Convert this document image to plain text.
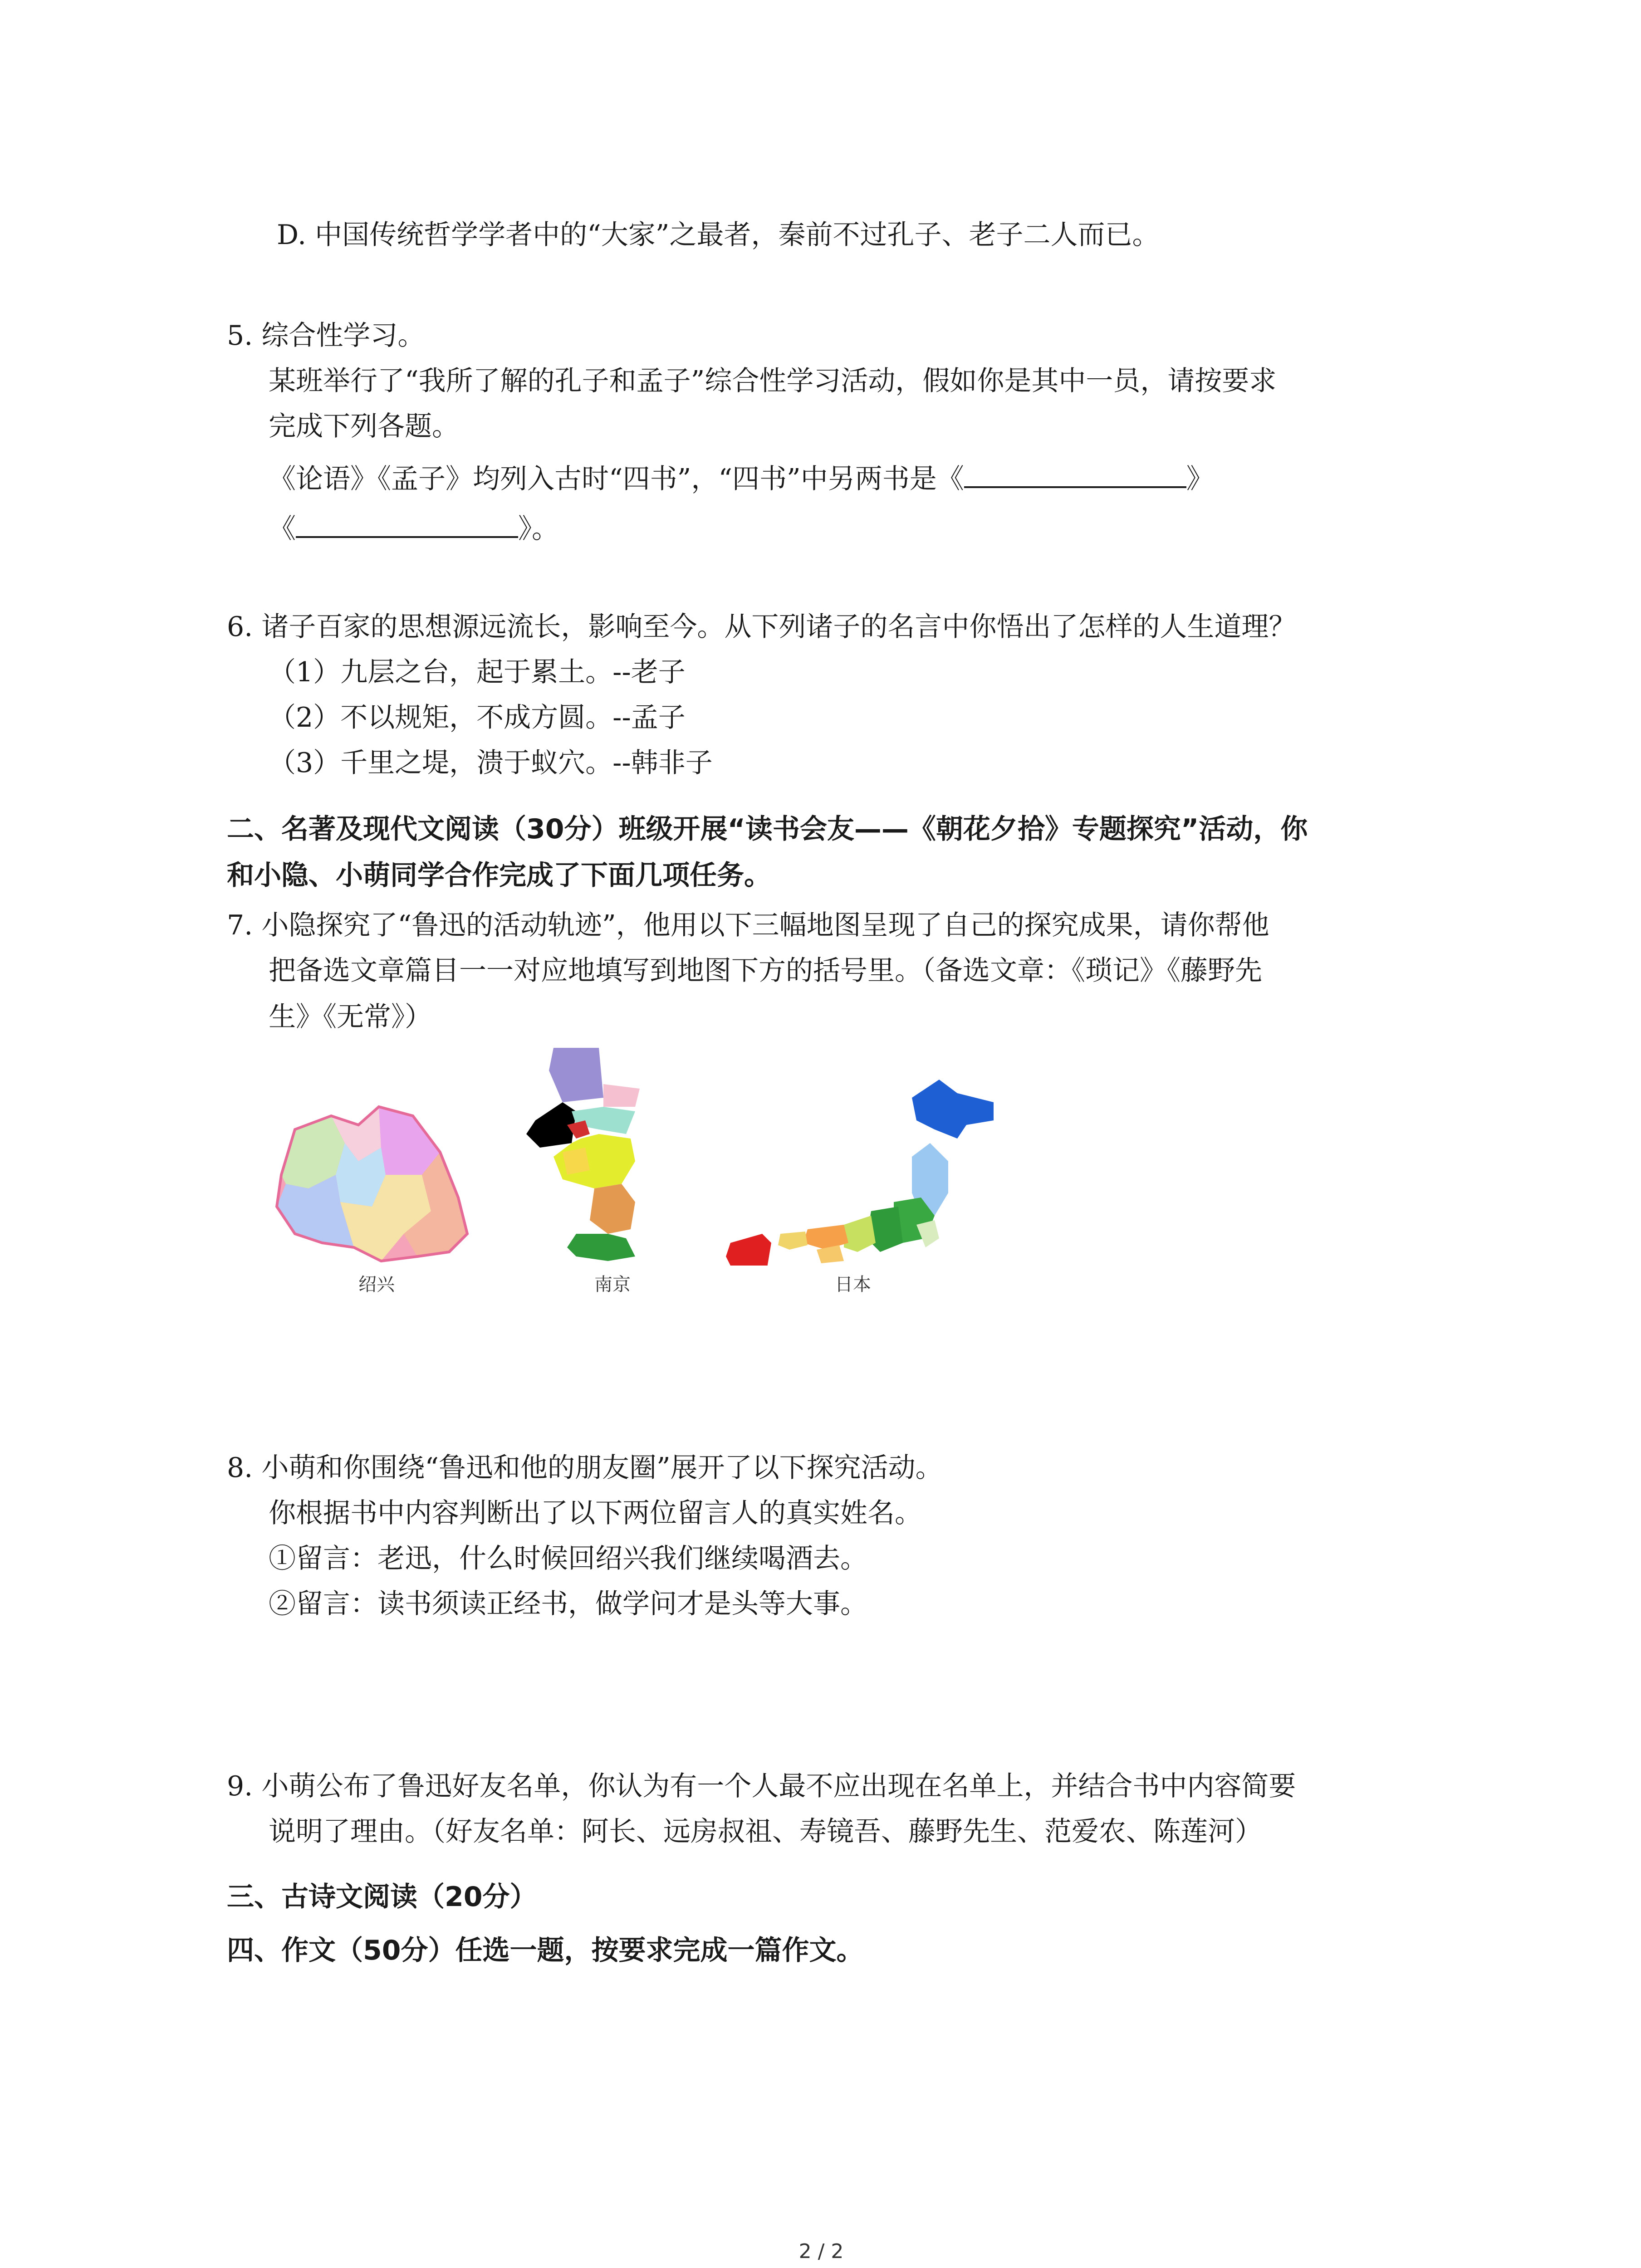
D. 中国传统哲学学者中的“大家”之最者，秦前不过孔子、老子二人而已。
5. 综合性学习。
某班举行了“我所了解的孔子和孟子”综合性学习活动，假如你是其中一员，请按要求
完成下列各题。
《论语》《孟子》均列入古时“四书”，“四书”中另两书是《	》
《	》。
6. 诸子百家的思想源远流长，影响至今。从下列诸子的名言中你悟出了怎样的人生道理？
（1）九层之台，起于累土。--老子
（2）不以规矩，不成方圆。--孟子
（3）千里之堤，溃于蚁穴。--韩非子
二、名著及现代文阅读（30分）班级开展“读书会友——《朝花夕拾》专题探究”活动，你
和小隐、小萌同学合作完成了下面几项任务。
7. 小隐探究了“鲁迅的活动轨迹”，他用以下三幅地图呈现了自己的探究成果，请你帮他
把备选文章篇目一一对应地填写到地图下方的括号里。（备选文章：《琐记》《藤野先
生》《无常》）
绍兴	南京	日本
8. 小萌和你围绕“鲁迅和他的朋友圈”展开了以下探究活动。
你根据书中内容判断出了以下两位留言人的真实姓名。
①留言：老迅，什么时候回绍兴我们继续喝酒去。
②留言：读书须读正经书，做学问才是头等大事。
9. 小萌公布了鲁迅好友名单，你认为有一个人最不应出现在名单上，并结合书中内容简要
说明了理由。（好友名单：阿长、远房叔祖、寿镜吾、藤野先生、范爱农、陈莲河）
三、古诗文阅读（20分）
四、作文（50分）任选一题，按要求完成一篇作文。
2 / 2
